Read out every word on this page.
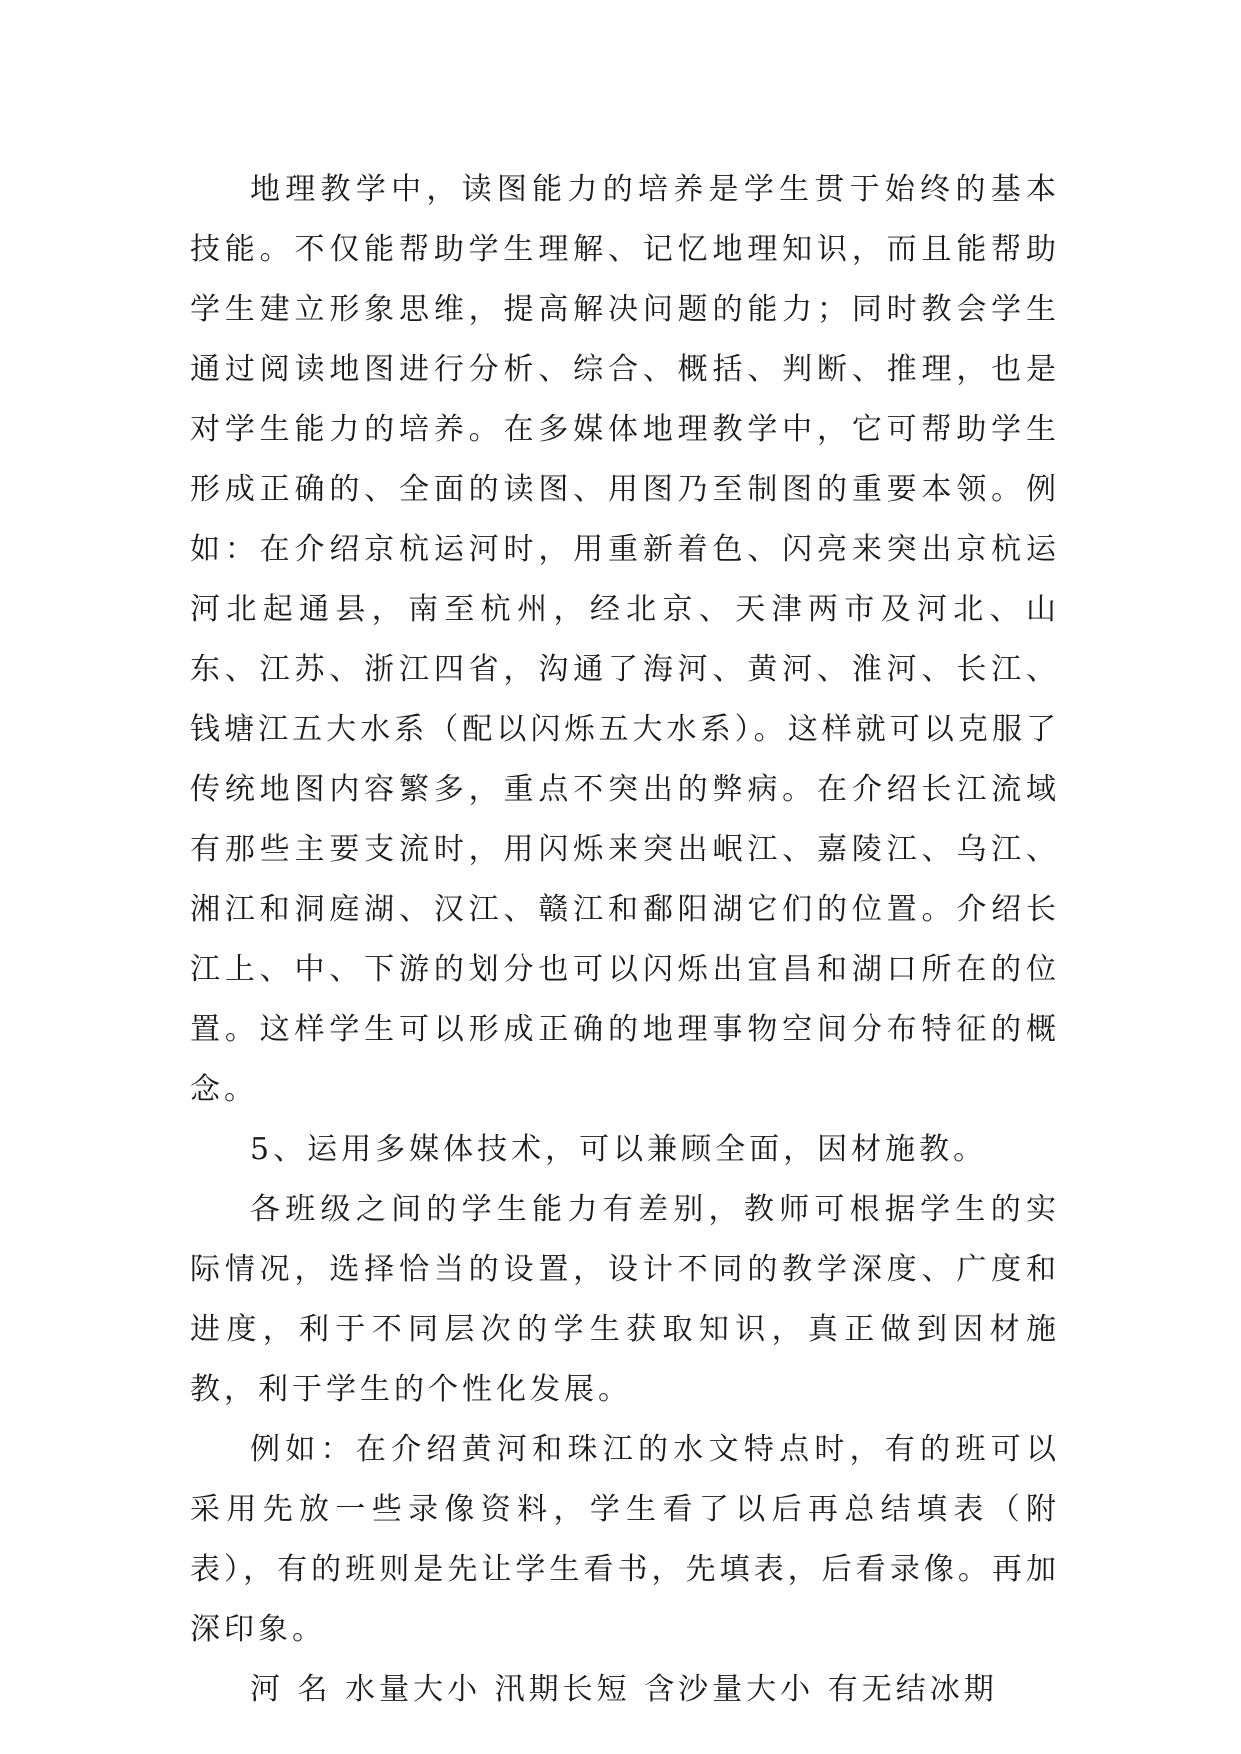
地理教学中，读图能力的培养是学生贯于始终的基本技能。不仅能帮助学生理解、记忆地理知识，而且能帮助学生建立形象思维，提高解决问题的能力；同时教会学生通过阅读地图进行分析、综合、概括、判断、推理，也是对学生能力的培养。在多媒体地理教学中，它可帮助学生形成正确的、全面的读图、用图乃至制图的重要本领。例如：在介绍京杭运河时，用重新着色、闪亮来突出京杭运河北起通县，南至杭州，经北京、天津两市及河北、山东、江苏、浙江四省，沟通了海河、黄河、淮河、长江、钱塘江五大水系（配以闪烁五大水系）。这样就可以克服了传统地图内容繁多，重点不突出的弊病。在介绍长江流域有那些主要支流时，用闪烁来突出岷江、嘉陵江、乌江、湘江和洞庭湖、汉江、赣江和鄱阳湖它们的位置。介绍长江上、中、下游的划分也可以闪烁出宜昌和湖口所在的位置。这样学生可以形成正确的地理事物空间分布特征的概念。

5、运用多媒体技术，可以兼顾全面，因材施教。

各班级之间的学生能力有差别，教师可根据学生的实际情况，选择恰当的设置，设计不同的教学深度、广度和进度，利于不同层次的学生获取知识，真正做到因材施教，利于学生的个性化发展。

例如：在介绍黄河和珠江的水文特点时，有的班可以采用先放一些录像资料，学生看了以后再总结填表（附表），有的班则是先让学生看书，先填表，后看录像。再加深印象。

河 名 水量大小 汛期长短 含沙量大小 有无结冰期
